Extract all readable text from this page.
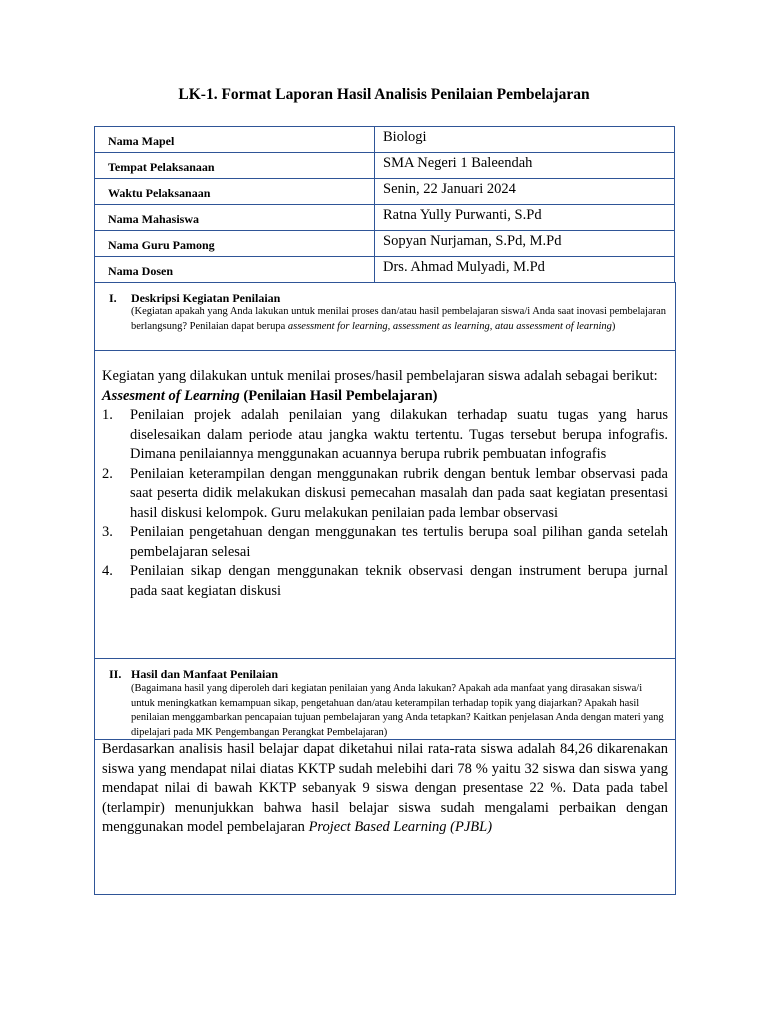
LK-1. Format Laporan Hasil Analisis Penilaian Pembelajaran
Nama Mapel	Biologi
Tempat Pelaksanaan	SMA Negeri 1 Baleendah
Waktu Pelaksanaan	Senin, 22 Januari 2024
Nama Mahasiswa	Ratna Yully Purwanti, S.Pd
Nama Guru Pamong	Sopyan Nurjaman, S.Pd, M.Pd
Nama Dosen	Drs. Ahmad Mulyadi, M.Pd
I. Deskripsi Kegiatan Penilaian
(Kegiatan apakah yang Anda lakukan untuk menilai proses dan/atau hasil pembelajaran siswa/i Anda saat inovasi pembelajaran berlangsung? Penilaian dapat berupa assessment for learning, assessment as learning, atau assessment of learning)
Kegiatan yang dilakukan untuk menilai proses/hasil pembelajaran siswa adalah sebagai berikut:
Assesment of Learning (Penilaian Hasil Pembelajaran)
1. Penilaian projek adalah penilaian yang dilakukan terhadap suatu tugas yang harus diselesaikan dalam periode atau jangka waktu tertentu. Tugas tersebut berupa infografis. Dimana penilaiannya menggunakan acuannya berupa rubrik pembuatan infografis
2. Penilaian keterampilan dengan menggunakan rubrik dengan bentuk lembar observasi pada saat peserta didik melakukan diskusi pemecahan masalah dan pada saat kegiatan presentasi hasil diskusi kelompok. Guru melakukan penilaian pada lembar observasi
3. Penilaian pengetahuan dengan menggunakan tes tertulis berupa soal pilihan ganda setelah pembelajaran selesai
4. Penilaian sikap dengan menggunakan teknik observasi dengan instrument berupa jurnal pada saat kegiatan diskusi
II. Hasil dan Manfaat Penilaian
(Bagaimana hasil yang diperoleh dari kegiatan penilaian yang Anda lakukan? Apakah ada manfaat yang dirasakan siswa/i untuk meningkatkan kemampuan sikap, pengetahuan dan/atau keterampilan terhadap topik yang diajarkan? Apakah hasil penilaian menggambarkan pencapaian tujuan pembelajaran yang Anda tetapkan? Kaitkan penjelasan Anda dengan materi yang dipelajari pada MK Pengembangan Perangkat Pembelajaran)
Berdasarkan analisis hasil belajar dapat diketahui nilai rata-rata siswa adalah 84,26 dikarenakan siswa yang mendapat nilai diatas KKTP sudah melebihi dari 78 % yaitu 32 siswa dan siswa yang mendapat nilai di bawah KKTP sebanyak 9 siswa dengan presentase 22 %. Data pada tabel (terlampir) menunjukkan bahwa hasil belajar siswa sudah mengalami perbaikan dengan menggunakan model pembelajaran Project Based Learning (PJBL)
